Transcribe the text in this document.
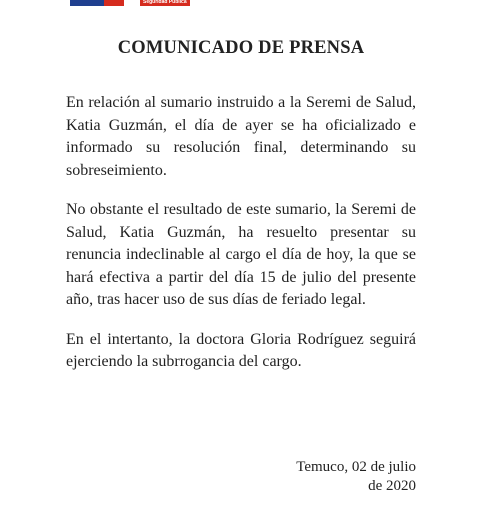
Seguridad Pública
COMUNICADO DE PRENSA

En relación al sumario instruido a la Seremi de Salud, Katia Guzmán, el día de ayer se ha oficializado e informado su resolución final, determinando su sobreseimiento.

No obstante el resultado de este sumario, la Seremi de Salud, Katia Guzmán, ha resuelto presentar su renuncia indeclinable al cargo el día de hoy, la que se hará efectiva a partir del día 15 de julio del presente año, tras hacer uso de sus días de feriado legal.

En el intertanto, la doctora Gloria Rodríguez seguirá ejerciendo la subrrogancia del cargo.

Temuco, 02 de julio
de 2020
